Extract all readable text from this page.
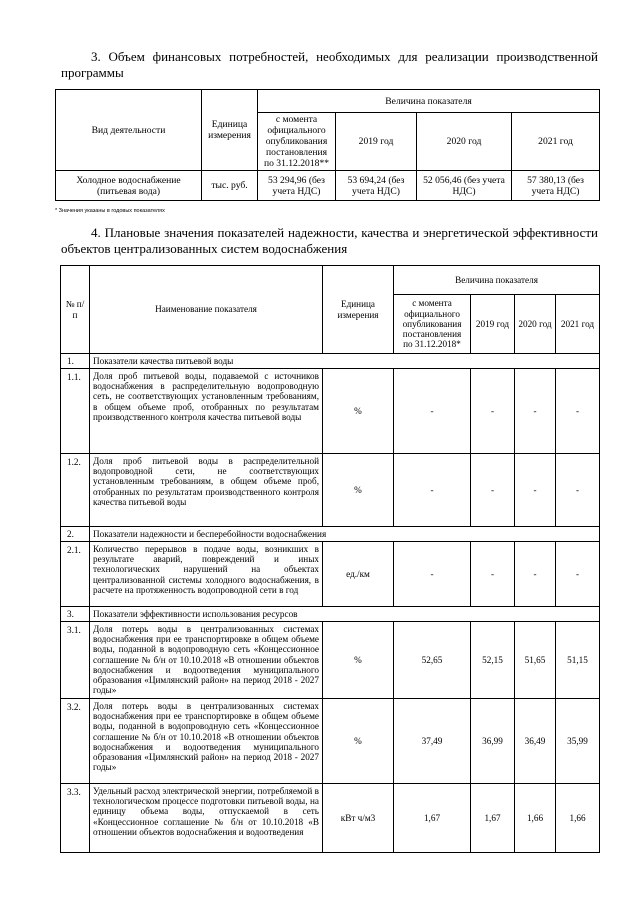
3. Объем финансовых потребностей, необходимых для реализации производственной программы

Вид деятельности	Единица измерения	Величина показателя			
		с момента официального опубликования постановления по 31.12.2018**	2019 год	2020 год	2021 год
Холодное водоснабжение (питьевая вода)	тыс. руб.	53 294,96 (без учета НДС)	53 694,24 (без учета НДС)	52 056,46 (без учета НДС)	57 380,13 (без учета НДС)
* Значения указаны в годовых показателях

4. Плановые значения показателей надежности, качества и энергетической эффективности объектов централизованных систем водоснабжения

№ п/п	Наименование показателя	Единица измерения	Величина показателя			
			с момента официального опубликования постановления по 31.12.2018*	2019 год	2020 год	2021 год
1.	Показатели качества питьевой воды					
1.1.	Доля проб питьевой воды, подаваемой с источников водоснабжения в распределительную водопроводную сеть, не соответствующих установленным требованиям, в общем объеме проб, отобранных по результатам производственного контроля качества питьевой воды	%	-	-	-	-
1.2.	Доля проб питьевой воды в распределительной водопроводной сети, не соответствующих установленным требованиям, в общем объеме проб, отобранных по результатам производственного контроля качества питьевой воды	%	-	-	-	-
2.	Показатели надежности и бесперебойности водоснабжения					
2.1.	Количество перерывов в подаче воды, возникших в результате аварий, повреждений и иных технологических нарушений на объектах централизованной системы холодного водоснабжения, в расчете на протяженность водопроводной сети в год	ед./км	-	-	-	-
3.	Показатели эффективности использования ресурсов					
3.1.	Доля потерь воды в централизованных системах водоснабжения при ее транспортировке в общем объеме воды, поданной в водопроводную сеть «Концессионное соглашение № б/н от 10.10.2018 «В отношении объектов водоснабжения и водоотведения муниципального образования «Цимлянский район» на период 2018 - 2027 годы»	%	52,65	52,15	51,65	51,15
3.2.	Доля потерь воды в централизованных системах водоснабжения при ее транспортировке в общем объеме воды, поданной в водопроводную сеть «Концессионное соглашение № б/н от 10.10.2018 «В отношении объектов водоснабжения и водоотведения муниципального образования «Цимлянский район» на период 2018 - 2027 годы»	%	37,49	36,99	36,49	35,99
3.3.	Удельный расход электрической энергии, потребляемой в технологическом процессе подготовки питьевой воды, на единицу объема воды, отпускаемой в сеть «Концессионное соглашение № б/н от 10.10.2018 «В отношении объектов водоснабжения и водоотведения	кВт ч/м3	1,67	1,67	1,66	1,66
